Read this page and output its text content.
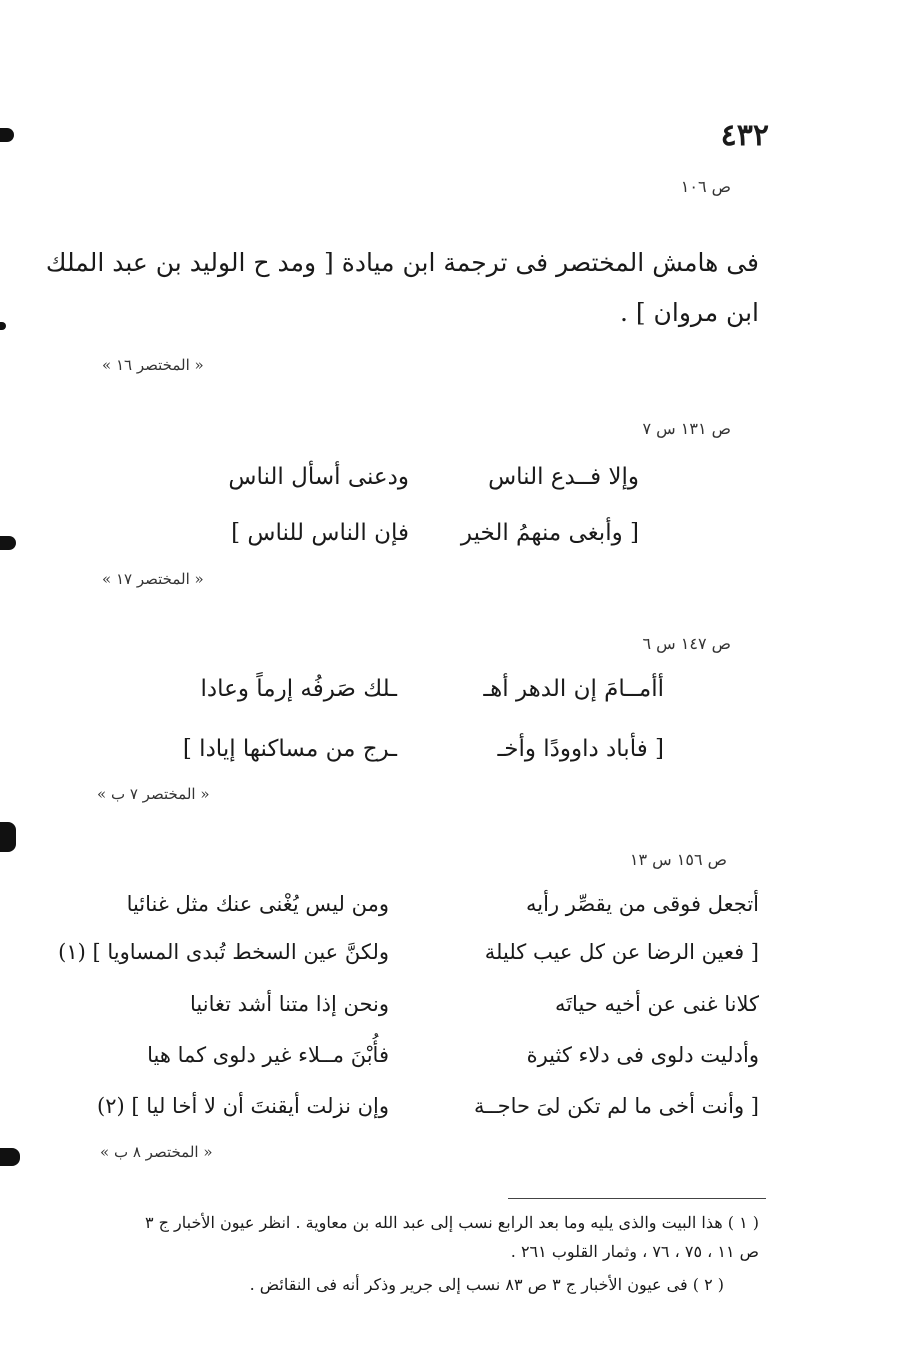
٤٣٢
ص ١٠٦
فى هامش المختصر فى ترجمة ابن ميادة [ ومد ح الوليد بن عبد الملك
ابن مروان ] .
« المختصر ١٦ »
ص ١٣١ س ٧
وإلا فــدع الناس
ودعنى أسأل الناس
[ وأبغى منهمُ الخير
فإن الناس للناس ]
« المختصر ١٧ »
ص ١٤٧ س ٦
أأمــامَ إن الدهر أهـ
ـلك صَرفُه إرماً وعادا
[ فأباد داوودًا وأخـ
ـرج من مساكنها إيادا ]
« المختصر ٧ ب »
ص ١٥٦ س ١٣
أتجعل فوقى من يقصِّر رأيه
ومن ليس يُغْنى عنك مثل غنائيا
[ فعين الرضا عن كل عيب كليلة
ولكنَّ عين السخط تُبدى المساويا ] (١)
كلانا غنى عن أخيه حياتَه
ونحن إذا متنا أشد تغانيا
وأدليت دلوى فى دلاء كثيرة
فأُبْنَ مــلاء غير دلوى كما هيا
[ وأنت أخى ما لم تكن لىَ حاجــة
وإن نزلت أيقنتَ أن لا أخا ليا ] (٢)
« المختصر ٨ ب »
( ١ ) هذا البيت والذى يليه وما بعد الرابع نسب إلى عبد الله بن معاوية . انظر عيون الأخبار ج ٣
ص ١١ ، ٧٥ ، ٧٦ ، وثمار القلوب ٢٦١ .
( ٢ ) فى عيون الأخبار ج ٣ ص ٨٣ نسب إلى جرير وذكر أنه فى النقائض .
